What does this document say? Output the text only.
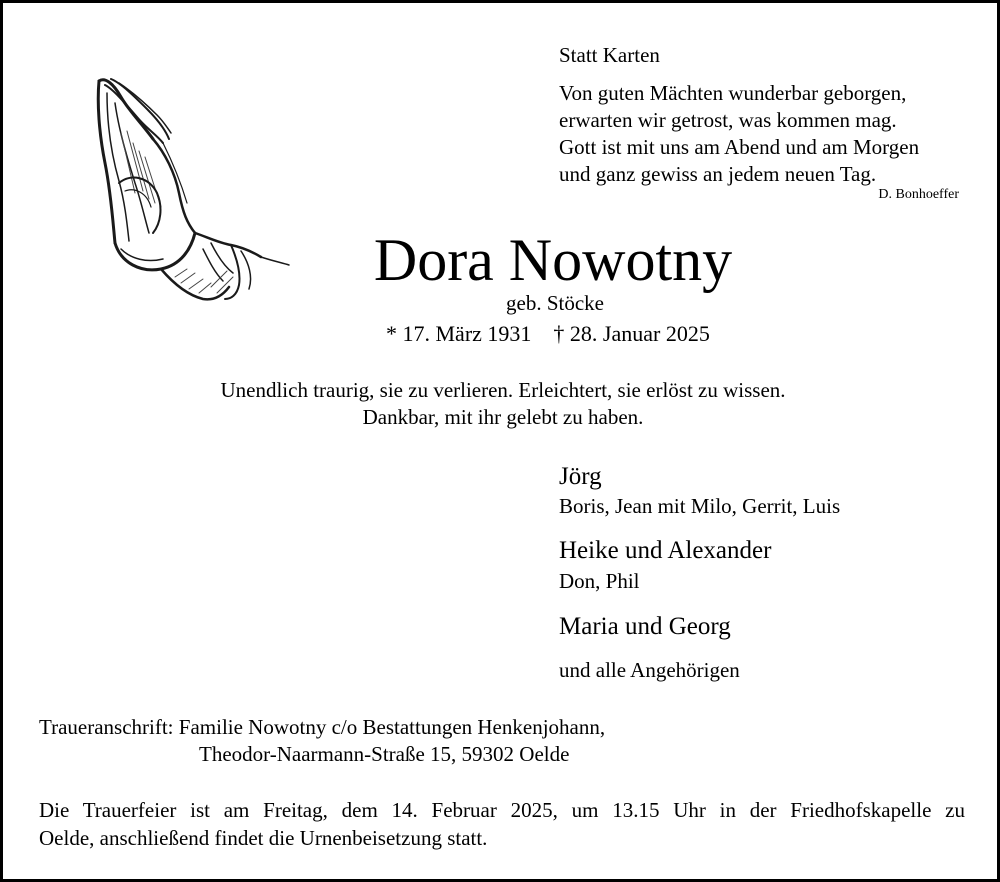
Statt Karten
Von guten Mächten wunderbar geborgen,
erwarten wir getrost, was kommen mag.
Gott ist mit uns am Abend und am Morgen
und ganz gewiss an jedem neuen Tag.
D. Bonhoeffer
Dora Nowotny
geb. Stöcke
* 17. März 1931 † 28. Januar 2025
Unendlich traurig, sie zu verlieren. Erleichtert, sie erlöst zu wissen.
Dankbar, mit ihr gelebt zu haben.
Jörg
Boris, Jean mit Milo, Gerrit, Luis
Heike und Alexander
Don, Phil
Maria und Georg
und alle Angehörigen
Traueranschrift: Familie Nowotny c/o Bestattungen Henkenjohann,
Theodor-Naarmann-Straße 15, 59302 Oelde
Die Trauerfeier ist am Freitag, dem 14. Februar 2025, um 13.15 Uhr in der Friedhofskapelle zu
Oelde, anschließend findet die Urnenbeisetzung statt.
